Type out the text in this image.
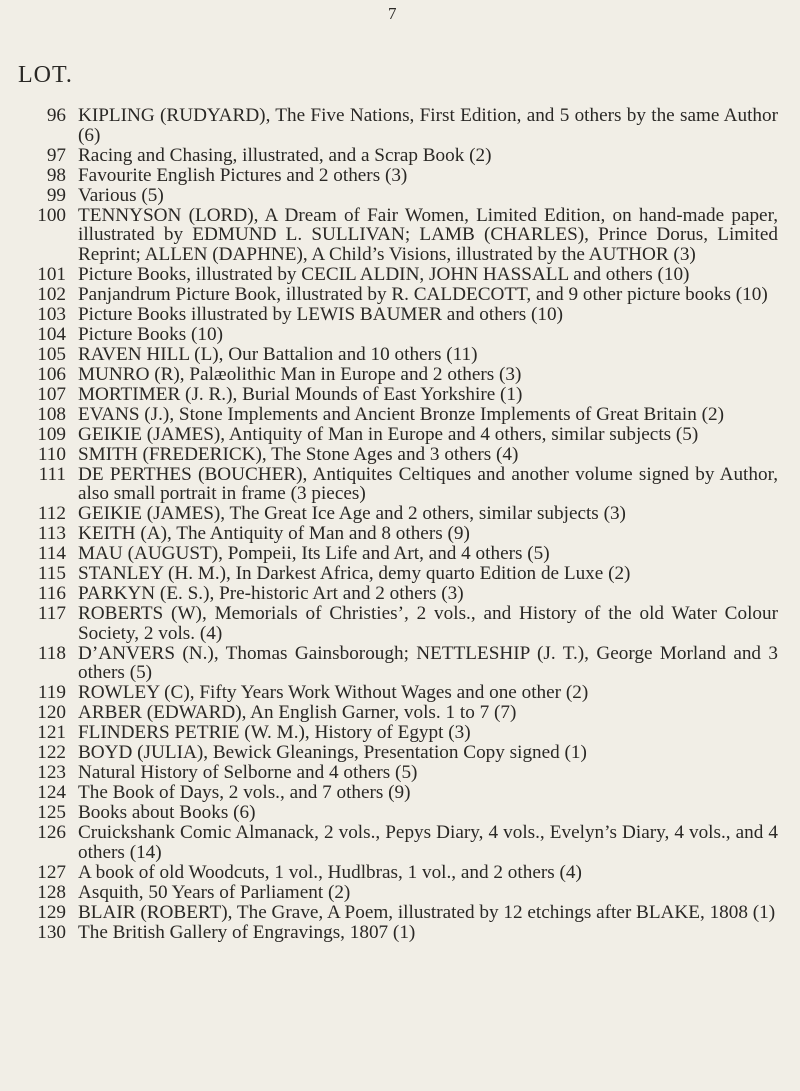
7
LOT.
96 KIPLING (RUDYARD), The Five Nations, First Edition, and 5 others by the same Author (6)
97 Racing and Chasing, illustrated, and a Scrap Book (2)
98 Favourite English Pictures and 2 others (3)
99 Various (5)
100 TENNYSON (LORD), A Dream of Fair Women, Limited Edition, on hand-made paper, illustrated by EDMUND L. SULLIVAN; LAMB (CHARLES), Prince Dorus, Limited Reprint; ALLEN (DAPHNE), A Child’s Visions, illustrated by the AUTHOR (3)
101 Picture Books, illustrated by CECIL ALDIN, JOHN HASSALL and others (10)
102 Panjandrum Picture Book, illustrated by R. CALDECOTT, and 9 other picture books (10)
103 Picture Books illustrated by LEWIS BAUMER and others (10)
104 Picture Books (10)
105 RAVEN HILL (L), Our Battalion and 10 others (11)
106 MUNRO (R), Palæolithic Man in Europe and 2 others (3)
107 MORTIMER (J. R.), Burial Mounds of East Yorkshire (1)
108 EVANS (J.), Stone Implements and Ancient Bronze Implements of Great Britain (2)
109 GEIKIE (JAMES), Antiquity of Man in Europe and 4 others, similar subjects (5)
110 SMITH (FREDERICK), The Stone Ages and 3 others (4)
111 DE PERTHES (BOUCHER), Antiquites Celtiques and another volume signed by Author, also small portrait in frame (3 pieces)
112 GEIKIE (JAMES), The Great Ice Age and 2 others, similar subjects (3)
113 KEITH (A), The Antiquity of Man and 8 others (9)
114 MAU (AUGUST), Pompeii, Its Life and Art, and 4 others (5)
115 STANLEY (H. M.), In Darkest Africa, demy quarto Edition de Luxe (2)
116 PARKYN (E. S.), Pre-historic Art and 2 others (3)
117 ROBERTS (W), Memorials of Christies’, 2 vols., and History of the old Water Colour Society, 2 vols. (4)
118 D’ANVERS (N.), Thomas Gainsborough; NETTLESHIP (J. T.), George Morland and 3 others (5)
119 ROWLEY (C), Fifty Years Work Without Wages and one other (2)
120 ARBER (EDWARD), An English Garner, vols. 1 to 7 (7)
121 FLINDERS PETRIE (W. M.), History of Egypt (3)
122 BOYD (JULIA), Bewick Gleanings, Presentation Copy signed (1)
123 Natural History of Selborne and 4 others (5)
124 The Book of Days, 2 vols., and 7 others (9)
125 Books about Books (6)
126 Cruickshank Comic Almanack, 2 vols., Pepys Diary, 4 vols., Evelyn’s Diary, 4 vols., and 4 others (14)
127 A book of old Woodcuts, 1 vol., Hudlbras, 1 vol., and 2 others (4)
128 Asquith, 50 Years of Parliament (2)
129 BLAIR (ROBERT), The Grave, A Poem, illustrated by 12 etchings after BLAKE, 1808 (1)
130 The British Gallery of Engravings, 1807 (1)
